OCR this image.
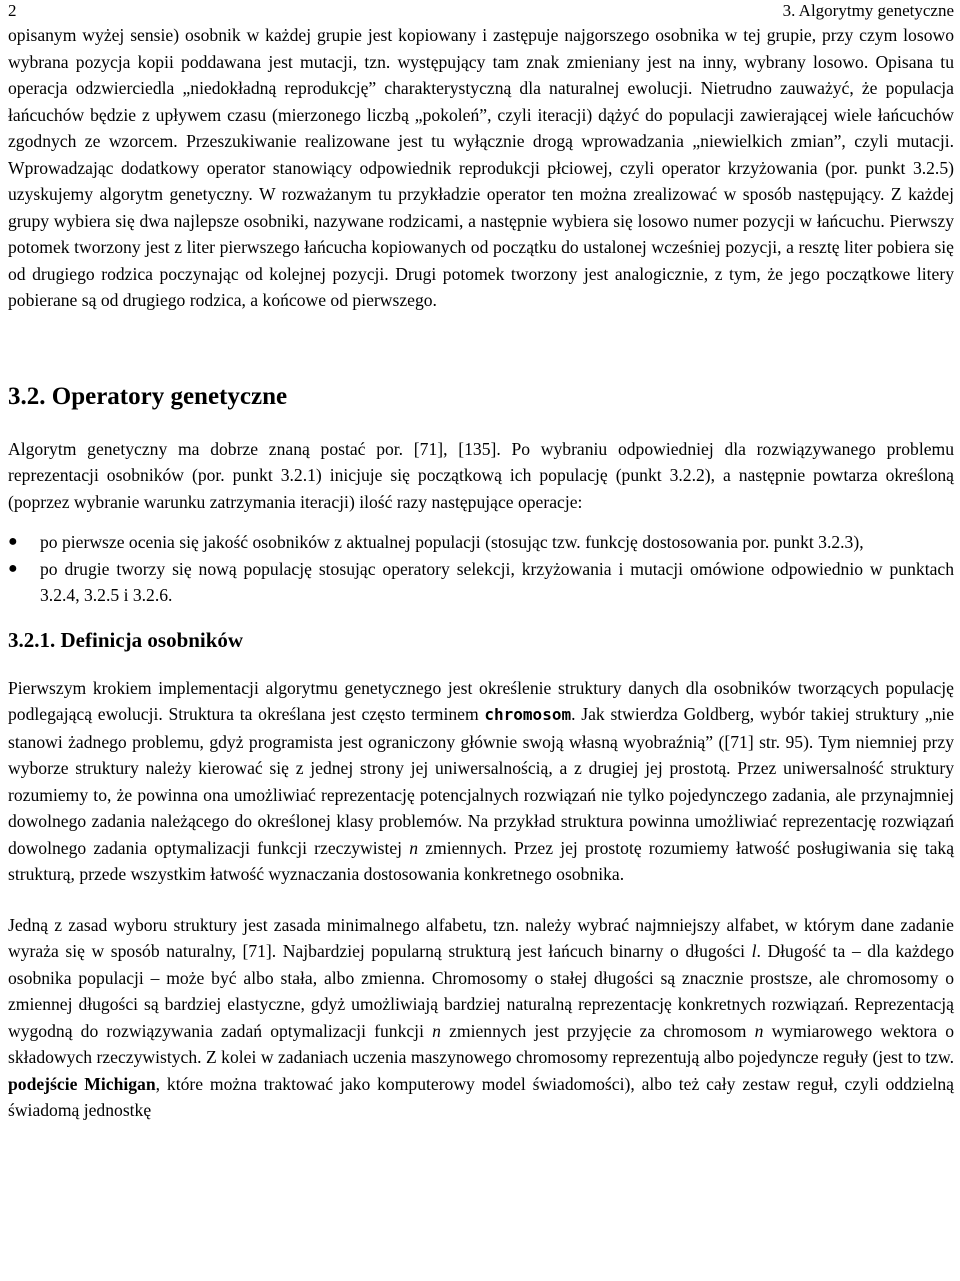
2	3. Algorytmy genetyczne

opisanym wyżej sensie) osobnik w każdej grupie jest kopiowany i zastępuje najgorszego osobnika w tej grupie, przy czym losowo wybrana pozycja kopii poddawana jest mutacji, tzn. występujący tam znak zmieniany jest na inny, wybrany losowo. Opisana tu operacja odzwierciedla „niedokładną reprodukcję” charakterystyczną dla naturalnej ewolucji. Nietrudno zauważyć, że populacja łańcuchów będzie z upływem czasu (mierzonego liczbą „pokoleń”, czyli iteracji) dążyć do populacji zawierającej wiele łańcuchów zgodnych ze wzorcem. Przeszukiwanie realizowane jest tu wyłącznie drogą wprowadzania „niewielkich zmian”, czyli mutacji. Wprowadzając dodatkowy operator stanowiący odpowiednik reprodukcji płciowej, czyli operator krzyżowania (por. punkt 3.2.5) uzyskujemy algorytm genetyczny. W rozważanym tu przykładzie operator ten można zrealizować w sposób następujący. Z każdej grupy wybiera się dwa najlepsze osobniki, nazywane rodzicami, a następnie wybiera się losowo numer pozycji w łańcuchu. Pierwszy potomek tworzony jest z liter pierwszego łańcucha kopiowanych od początku do ustalonej wcześniej pozycji, a resztę liter pobiera się od drugiego rodzica poczynając od kolejnej pozycji. Drugi potomek tworzony jest analogicznie, z tym, że jego początkowe litery pobierane są od drugiego rodzica, a końcowe od pierwszego.

3.2. Operatory genetyczne

Algorytm genetyczny ma dobrze znaną postać por. [71], [135]. Po wybraniu odpowiedniej dla rozwiązywanego problemu reprezentacji osobników (por. punkt 3.2.1) inicjuje się początkową ich populację (punkt 3.2.2), a następnie powtarza określoną (poprzez wybranie warunku zatrzymania iteracji) ilość razy następujące operacje:

● po pierwsze ocenia się jakość osobników z aktualnej populacji (stosując tzw. funkcję dostosowania por. punkt 3.2.3),
● po drugie tworzy się nową populację stosując operatory selekcji, krzyżowania i mutacji omówione odpowiednio w punktach 3.2.4, 3.2.5 i 3.2.6.
3.2.1. Definicja osobników

Pierwszym krokiem implementacji algorytmu genetycznego jest określenie struktury danych dla osobników tworzących populację podlegającą ewolucji. Struktura ta określana jest często terminem chromosom. Jak stwierdza Goldberg, wybór takiej struktury „nie stanowi żadnego problemu, gdyż programista jest ograniczony głównie swoją własną wyobraźnią” ([71] str. 95). Tym niemniej przy wyborze struktury należy kierować się z jednej strony jej uniwersalnością, a z drugiej jej prostotą. Przez uniwersalność struktury rozumiemy to, że powinna ona umożliwiać reprezentację potencjalnych rozwiązań nie tylko pojedynczego zadania, ale przynajmniej dowolnego zadania należącego do określonej klasy problemów. Na przykład struktura powinna umożliwiać reprezentację rozwiązań dowolnego zadania optymalizacji funkcji rzeczywistej n zmiennych. Przez jej prostotę rozumiemy łatwość posługiwania się taką strukturą, przede wszystkim łatwość wyznaczania dostosowania konkretnego osobnika.

Jedną z zasad wyboru struktury jest zasada minimalnego alfabetu, tzn. należy wybrać najmniejszy alfabet, w którym dane zadanie wyraża się w sposób naturalny, [71]. Najbardziej popularną strukturą jest łańcuch binarny o długości l. Długość ta – dla każdego osobnika populacji – może być albo stała, albo zmienna. Chromosomy o stałej długości są znacznie prostsze, ale chromosomy o zmiennej długości są bardziej elastyczne, gdyż umożliwiają bardziej naturalną reprezentację konkretnych rozwiązań. Reprezentacją wygodną do rozwiązywania zadań optymalizacji funkcji n zmiennych jest przyjęcie za chromosom n wymiarowego wektora o składowych rzeczywistych. Z kolei w zadaniach uczenia maszynowego chromosomy reprezentują albo pojedyncze reguły (jest to tzw. podejście Michigan, które można traktować jako komputerowy model świadomości), albo też cały zestaw reguł, czyli oddzielną świadomą jednostkę
